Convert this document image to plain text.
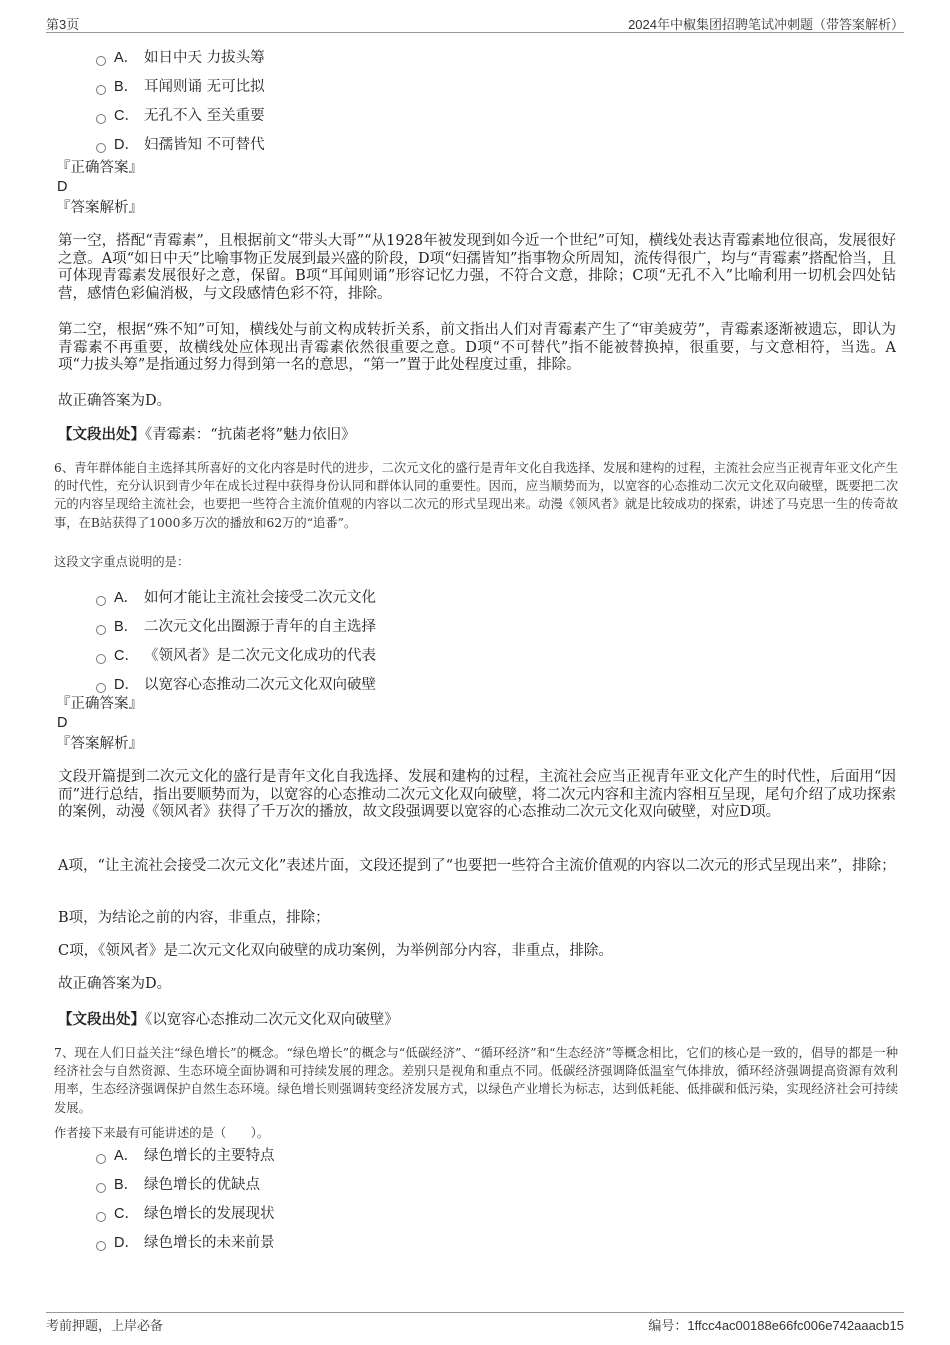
第3页	2024年中椒集团招聘笔试冲刺题（带答案解析）
A． 如日中天 力拔头筹
B． 耳闻则诵 无可比拟
C． 无孔不入 至关重要
D． 妇孺皆知 不可替代
『正确答案』
D
『答案解析』
第一空，搭配“青霉素”，且根据前文“带头大哥”“从1928年被发现到如今近一个世纪”可知，横线处表达青霉素地位很高，发展很好之意。A项“如日中天”比喻事物正发展到最兴盛的阶段，D项“妇孺皆知”指事物众所周知，流传得很广，均与“青霉素”搭配恰当，且可体现青霉素发展很好之意，保留。B项“耳闻则诵”形容记忆力强，不符合文意，排除；C项“无孔不入”比喻利用一切机会四处钻营，感情色彩偏消极，与文段感情色彩不符，排除。
第二空，根据“殊不知”可知，横线处与前文构成转折关系，前文指出人们对青霉素产生了“审美疲劳”，青霉素逐渐被遗忘，即认为青霉素不再重要，故横线处应体现出青霉素依然很重要之意。D项“不可替代”指不能被替换掉，很重要，与文意相符，当选。A项“力拔头筹”是指通过努力得到第一名的意思，“第一”置于此处程度过重，排除。
故正确答案为D。
【文段出处】《青霉素：“抗菌老将”魅力依旧》
6、青年群体能自主选择其所喜好的文化内容是时代的进步，二次元文化的盛行是青年文化自我选择、发展和建构的过程，主流社会应当正视青年亚文化产生的时代性，充分认识到青少年在成长过程中获得身份认同和群体认同的重要性。因而，应当顺势而为，以宽容的心态推动二次元文化双向破壁，既要把二次元的内容呈现给主流社会，也要把一些符合主流价值观的内容以二次元的形式呈现出来。动漫《领风者》就是比较成功的探索，讲述了马克思一生的传奇故事，在B站获得了1000多万次的播放和62万的“追番”。
这段文字重点说明的是：
A． 如何才能让主流社会接受二次元文化
B． 二次元文化出圈源于青年的自主选择
C． 《领风者》是二次元文化成功的代表
D． 以宽容心态推动二次元文化双向破壁
『正确答案』
D
『答案解析』
文段开篇提到二次元文化的盛行是青年文化自我选择、发展和建构的过程，主流社会应当正视青年亚文化产生的时代性，后面用“因而”进行总结，指出要顺势而为，以宽容的心态推动二次元文化双向破壁，将二次元内容和主流内容相互呈现，尾句介绍了成功探索的案例，动漫《领风者》获得了千万次的播放，故文段强调要以宽容的心态推动二次元文化双向破壁，对应D项。
A项，“让主流社会接受二次元文化”表述片面，文段还提到了“也要把一些符合主流价值观的内容以二次元的形式呈现出来”，排除；
B项，为结论之前的内容，非重点，排除；
C项，《领风者》是二次元文化双向破壁的成功案例，为举例部分内容，非重点，排除。
故正确答案为D。
【文段出处】《以宽容心态推动二次元文化双向破壁》
7、现在人们日益关注“绿色增长”的概念。“绿色增长”的概念与“低碳经济”、“循环经济”和“生态经济”等概念相比，它们的核心是一致的，倡导的都是一种经济社会与自然资源、生态环境全面协调和可持续发展的理念。差别只是视角和重点不同。低碳经济强调降低温室气体排放，循环经济强调提高资源有效利用率，生态经济强调保护自然生态环境。绿色增长则强调转变经济发展方式，以绿色产业增长为标志，达到低耗能、低排碳和低污染，实现经济社会可持续发展。
作者接下来最有可能讲述的是（　　）。
A． 绿色增长的主要特点
B． 绿色增长的优缺点
C． 绿色增长的发展现状
D． 绿色增长的未来前景
考前押题，上岸必备	编号：1ffcc4ac00188e66fc006e742aaacb15
